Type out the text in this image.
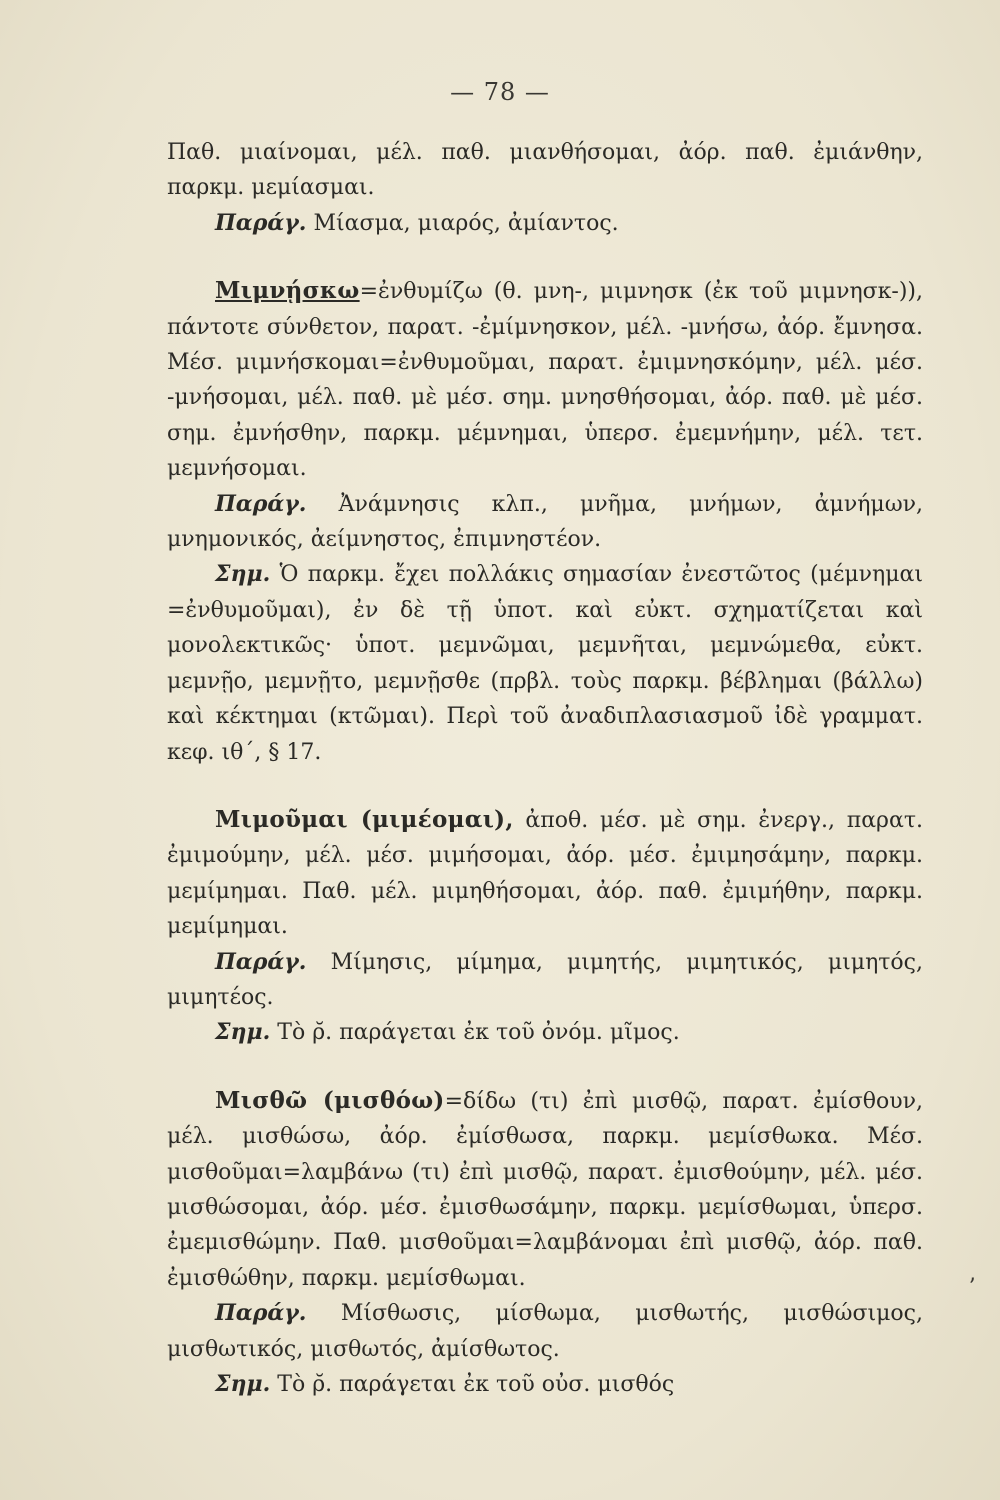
— 78 —

Παθ. μιαίνομαι, μέλ. παθ. μιανθήσομαι, ἀόρ. παθ. ἐμιάνθην, παρκμ. μεμίασμαι.

Παράγ. Μίασμα, μιαρός, ἀμίαντος.

Μιμνῄσκω=ἐνθυμίζω (θ. μνη-, μιμνησκ (ἐκ τοῦ μιμνησκ-)), πάντοτε σύνθετον, παρατ. -ἐμίμνησκον, μέλ. -μνήσω, ἀόρ. ἔμνησα. Μέσ. μιμνήσκομαι=ἐνθυμοῦμαι, παρατ. ἐμιμνησκόμην, μέλ. μέσ. -μνήσομαι, μέλ. παθ. μὲ μέσ. σημ. μνησθήσομαι, ἀόρ. παθ. μὲ μέσ. σημ. ἐμνήσθην, παρκμ. μέμνημαι, ὑπερσ. ἐμεμνήμην, μέλ. τετ. μεμνήσομαι.

Παράγ. Ἀνάμνησις κλπ., μνῆμα, μνήμων, ἀμνήμων, μνημονικός, ἀείμνηστος, ἐπιμνηστέον.

Σημ. Ὁ παρκμ. ἔχει πολλάκις σημασίαν ἐνεστῶτος (μέμνημαι =ἐνθυμοῦμαι), ἐν δὲ τῇ ὑποτ. καὶ εὐκτ. σχηματίζεται καὶ μονολεκτικῶς· ὑποτ. μεμνῶμαι, μεμνῆται, μεμνώμεθα, εὐκτ. μεμνῇο, μεμνῇτο, μεμνῇσθε (πρβλ. τοὺς παρκμ. βέβλημαι (βάλλω) καὶ κέκτημαι (κτῶμαι). Περὶ τοῦ ἀναδιπλασιασμοῦ ἰδὲ γραμματ. κεφ. ιθ΄, § 17.

Μιμοῦμαι (μιμέομαι), ἀποθ. μέσ. μὲ σημ. ἐνεργ., παρατ. ἐμιμούμην, μέλ. μέσ. μιμήσομαι, ἀόρ. μέσ. ἐμιμησάμην, παρκμ. μεμίμημαι. Παθ. μέλ. μιμηθήσομαι, ἀόρ. παθ. ἐμιμήθην, παρκμ. μεμίμημαι.

Παράγ. Μίμησις, μίμημα, μιμητής, μιμητικός, μιμητός, μιμητέος.

Σημ. Τὸ ρ̆. παράγεται ἐκ τοῦ ὀνόμ. μῖμος.

Μισθῶ (μισθόω)=δίδω (τι) ἐπὶ μισθῷ, παρατ. ἐμίσθουν, μέλ. μισθώσω, ἀόρ. ἐμίσθωσα, παρκμ. μεμίσθωκα. Μέσ. μισθοῦμαι=λαμβάνω (τι) ἐπὶ μισθῷ, παρατ. ἐμισθούμην, μέλ. μέσ. μισθώσομαι, ἀόρ. μέσ. ἐμισθωσάμην, παρκμ. μεμίσθωμαι, ὑπερσ. ἐμεμισθώμην. Παθ. μισθοῦμαι=λαμβάνομαι ἐπὶ μισθῷ, ἀόρ. παθ. ἐμισθώθην, παρκμ. μεμίσθωμαι.

Παράγ. Μίσθωσις, μίσθωμα, μισθωτής, μισθώσιμος, μισθωτικός, μισθωτός, ἀμίσθωτος.

Σημ. Τὸ ρ̆. παράγεται ἐκ τοῦ οὐσ. μισθός

ʼ
